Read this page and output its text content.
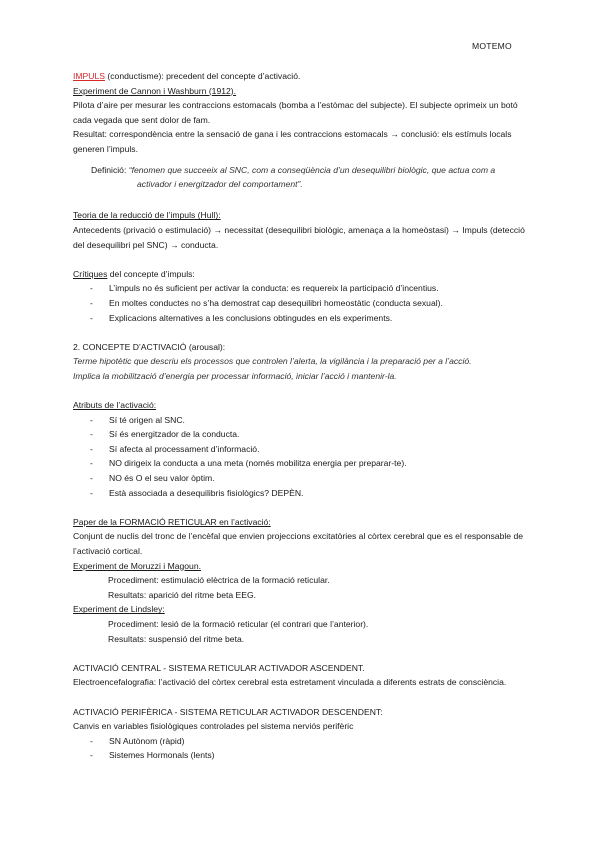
MOTEMO

IMPULS (conductisme): precedent del concepte d’activació.

Experiment de Cannon i Washburn (1912).

Pilota d’aire per mesurar les contraccions estomacals (bomba a l’estòmac del subjecte). El subjecte oprimeix un botó cada vegada que sent dolor de fam.

Resultat: correspondència entre la sensació de gana i les contraccions estomacals → conclusió: els estímuls locals generen l’impuls.

Definició: “fenomen que succeeix al SNC, com a conseqüència d’un desequilibri biològic, que actua com a
activador i energitzador del comportament”.

Teoria de la reducció de l’impuls (Hull):

Antecedents (privació o estimulació) → necessitat (desequilibri biològic, amenaça a la homeòstasi) → Impuls (detecció del desequilibri pel SNC) → conducta.

Crítiques del concepte d’impuls:

- L’impuls no és suficient per activar la conducta: es requereix la participació d’incentius.
- En moltes conductes no s’ha demostrat cap desequilibri homeostàtic (conducta sexual).
- Explicacions alternatives a les conclusions obtingudes en els experiments.

2. CONCEPTE D’ACTIVACIÓ (arousal):

Terme hipotètic que descriu els processos que controlen l’alerta, la vigilància i la preparació per a l’acció.

Implica la mobilització d’energia per processar informació, iniciar l’acció i mantenir-la.

Atributs de l’activació:

- Sí té origen al SNC.
- Sí és energitzador de la conducta.
- Sí afecta al processament d’informació.
- NO dirigeix la conducta a una meta (només mobilitza energia per preparar-te).
- NO és O el seu valor òptim.
- Està associada a desequilibris fisiològics? DEPÈN.

Paper de la FORMACIÓ RETICULAR en l’activació:

Conjunt de nuclis del tronc de l’encèfal que envien projeccions excitatòries al còrtex cerebral que es el responsable de l’activació cortical.

Experiment de Moruzzi i Magoun.

Procediment: estimulació elèctrica de la formació reticular.

Resultats: aparició del ritme beta EEG.

Experiment de Lindsley:

Procediment: lesió de la formació reticular (el contrari que l’anterior).

Resultats: suspensió del ritme beta.

ACTIVACIÓ CENTRAL - SISTEMA RETICULAR ACTIVADOR ASCENDENT.

Electroencefalografia: l’activació del còrtex cerebral esta estretament vinculada a diferents estrats de consciència.

ACTIVACIÓ PERIFÈRICA - SISTEMA RETICULAR ACTIVADOR DESCENDENT:

Canvis en variables fisiològiques controlades pel sistema nerviós perifèric

- SN Autònom (ràpid)
- Sistemes Hormonals (lents)
